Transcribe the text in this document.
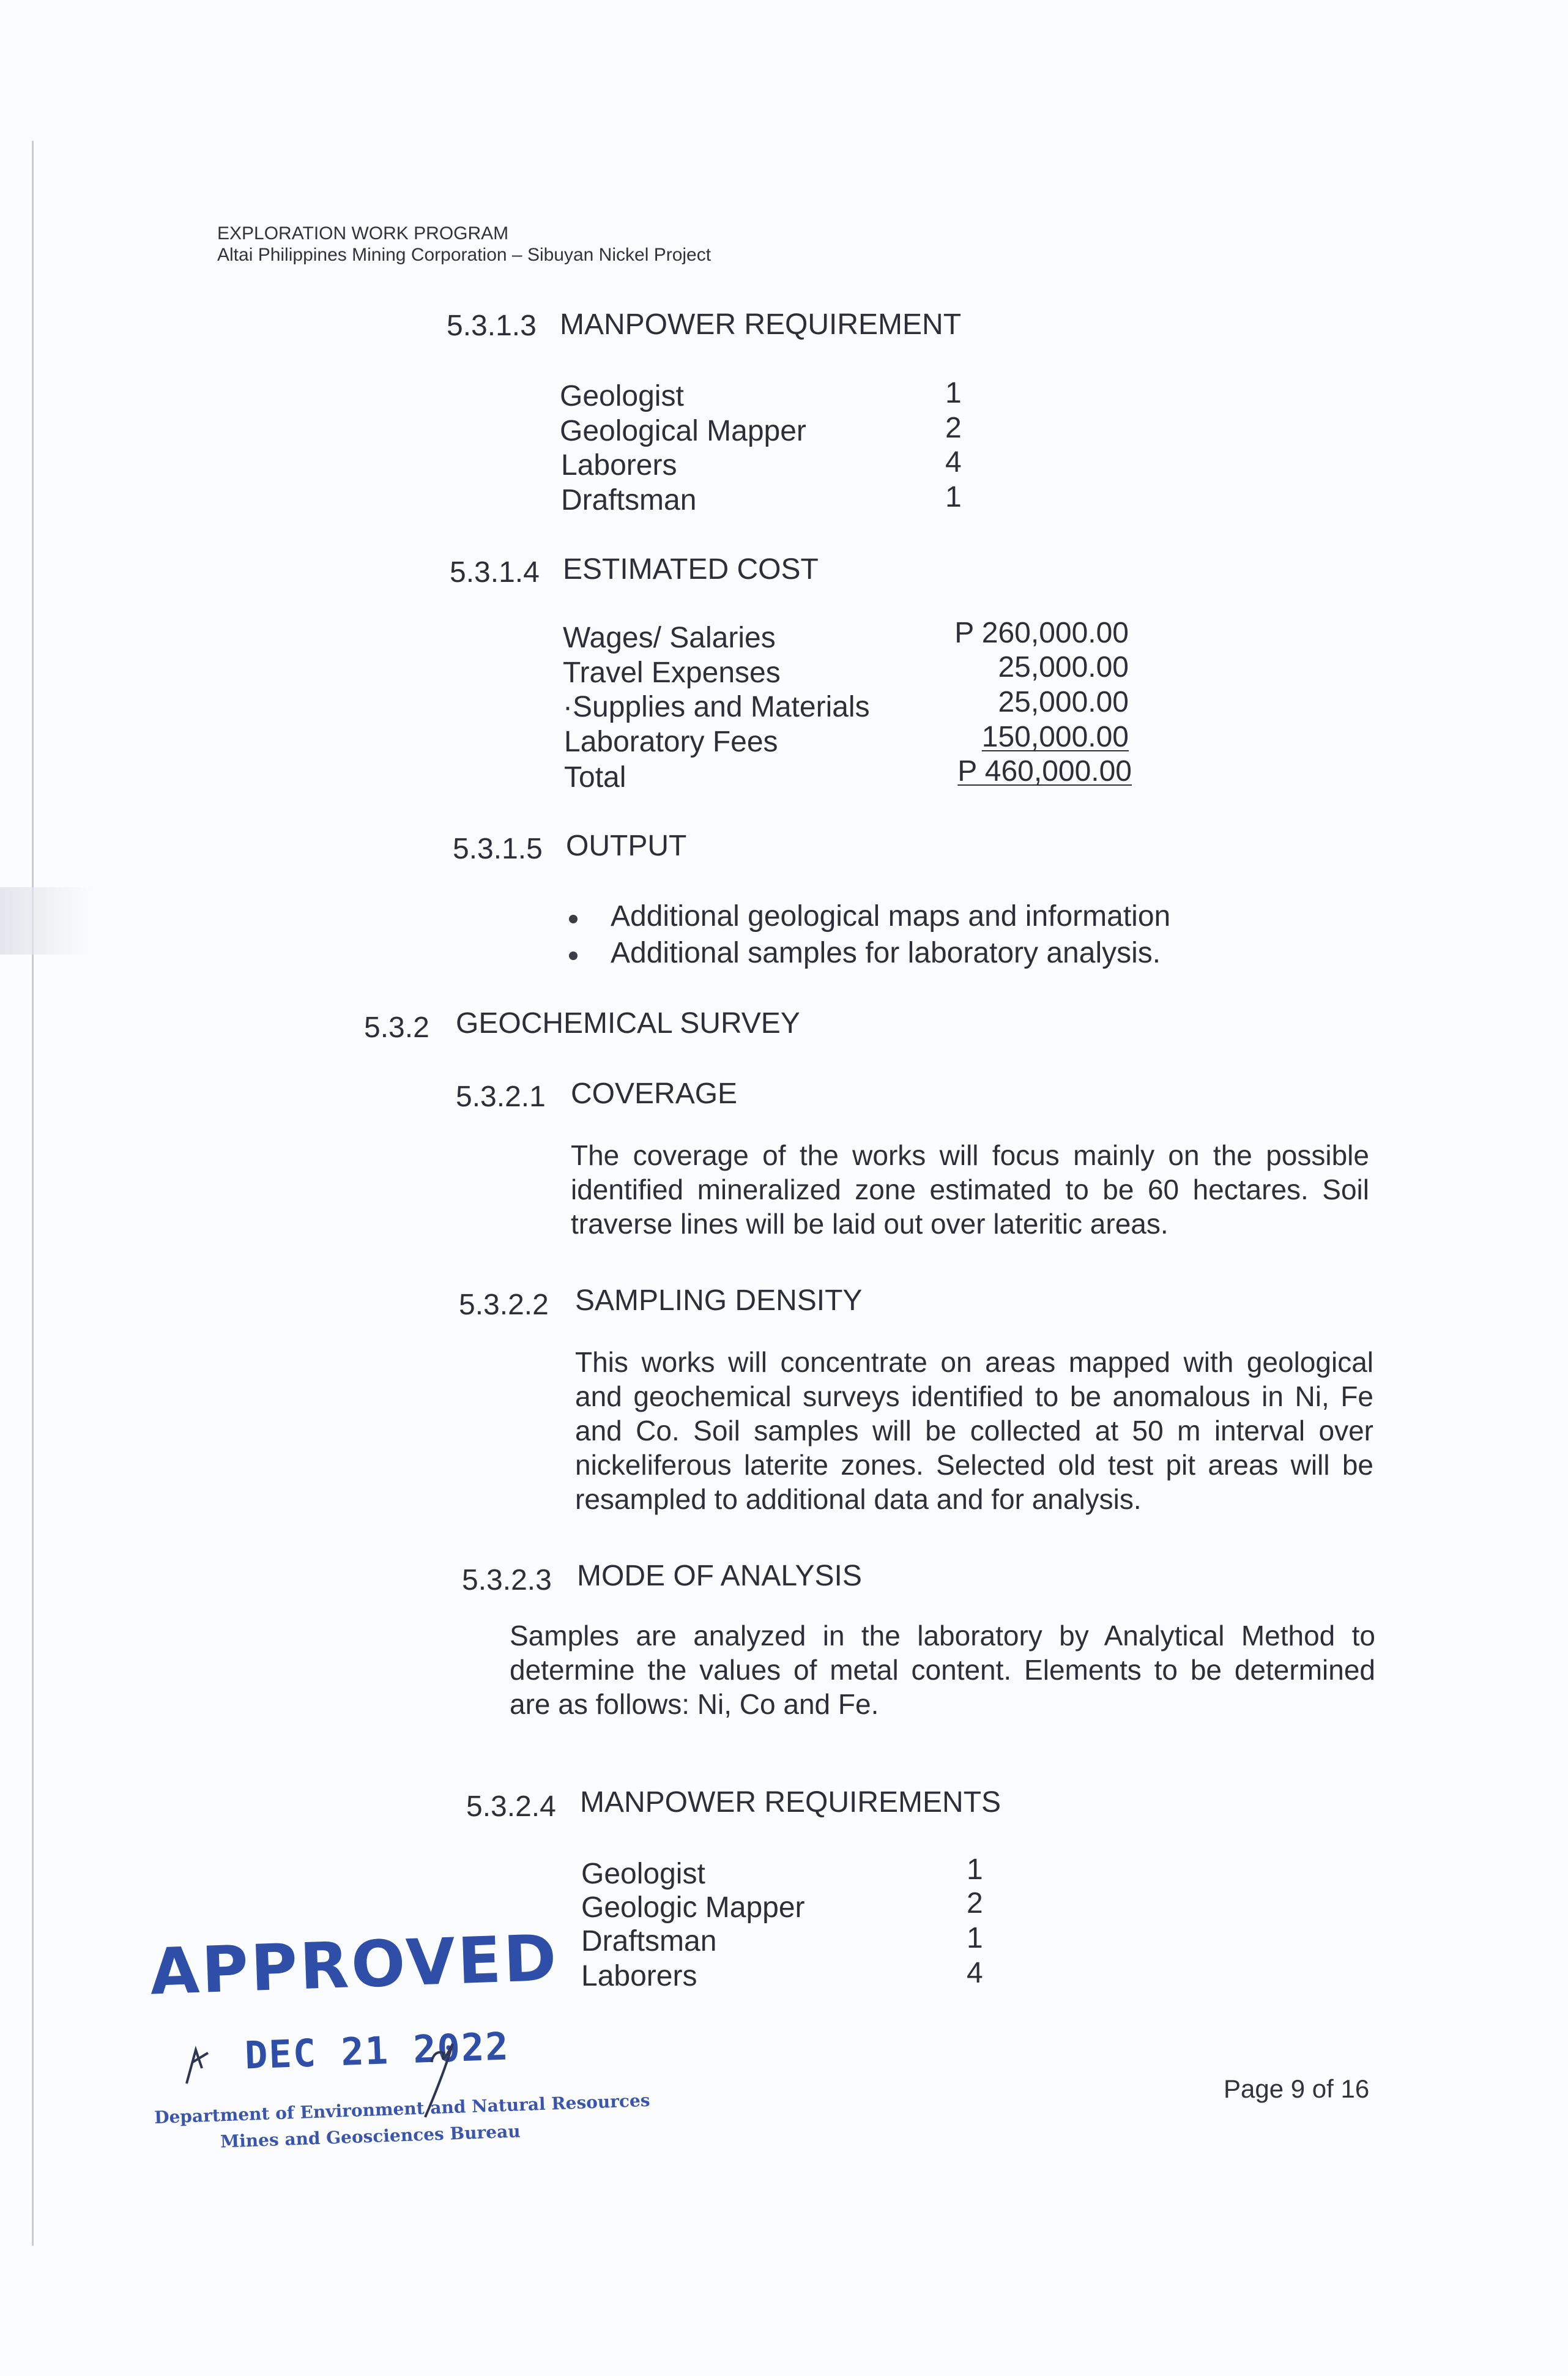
EXPLORATION WORK PROGRAM
Altai Philippines Mining Corporation – Sibuyan Nickel Project
5.3.1.3 MANPOWER REQUIREMENT
Geologist	1
Geological Mapper	2
Laborers	4
Draftsman	1
5.3.1.4 ESTIMATED COST
Wages/ Salaries	P 260,000.00
Travel Expenses	25,000.00
·Supplies and Materials	25,000.00
Laboratory Fees	150,000.00
Total	P 460,000.00
5.3.1.5 OUTPUT
Additional geological maps and information
Additional samples for laboratory analysis.
5.3.2 GEOCHEMICAL SURVEY
5.3.2.1 COVERAGE
The coverage of the works will focus mainly on the possible identified mineralized zone estimated to be 60 hectares. Soil traverse lines will be laid out over lateritic areas.
5.3.2.2 SAMPLING DENSITY
This works will concentrate on areas mapped with geological and geochemical surveys identified to be anomalous in Ni, Fe and Co. Soil samples will be collected at 50 m interval over nickeliferous laterite zones. Selected old test pit areas will be resampled to additional data and for analysis.
5.3.2.3 MODE OF ANALYSIS
Samples are analyzed in the laboratory by Analytical Method to determine the values of metal content. Elements to be determined are as follows: Ni, Co and Fe.
5.3.2.4 MANPOWER REQUIREMENTS
Geologist	1
Geologic Mapper	2
Draftsman	1
Laborers	4
APPROVED
DEC 21 2022
Department of Environment and Natural Resources
Mines and Geosciences Bureau
Page 9 of 16
